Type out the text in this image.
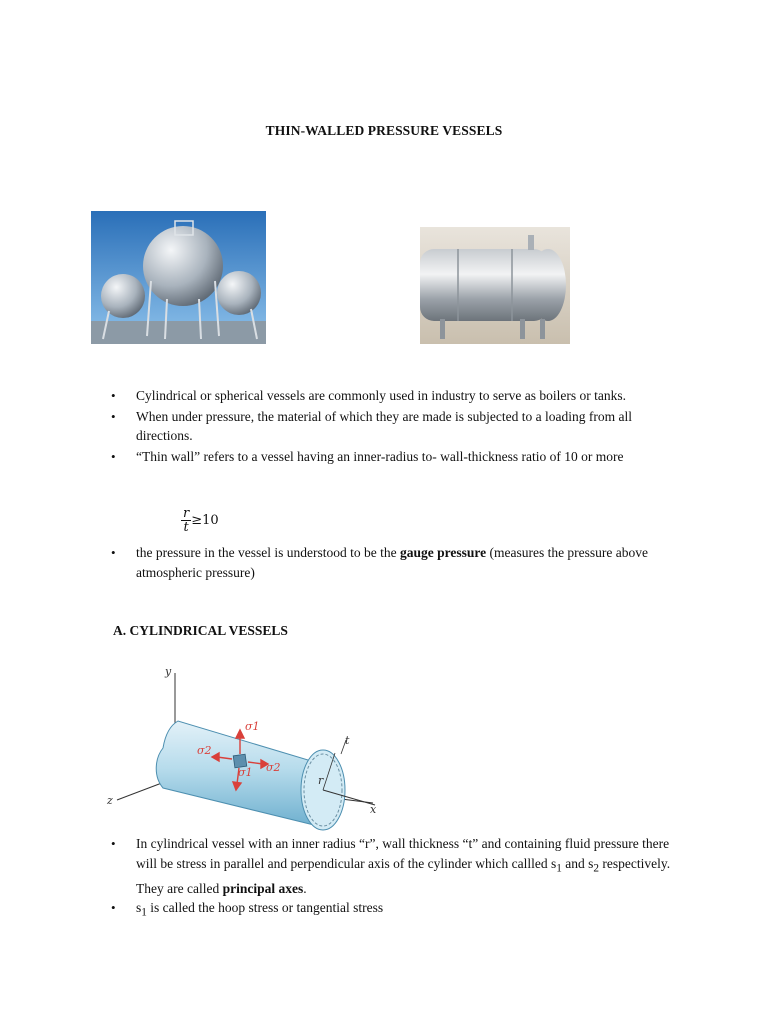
THIN-WALLED PRESSURE VESSELS
• Cylindrical or spherical vessels are commonly used in industry to serve as boilers or tanks.
• When under pressure, the material of which they are made is subjected to a loading from all directions.
• “Thin wall” refers to a vessel having an inner-radius to- wall-thickness ratio of 10 or more
$\frac{r}{t} \ge 10$
• the pressure in the vessel is understood to be the gauge pressure (measures the pressure above atmospheric pressure)
A. CYLINDRICAL VESSELS
y
z
x
t
r
σ1
σ1
σ2
σ2
• In cylindrical vessel with an inner radius “r”, wall thickness “t” and containing fluid pressure there will be stress in parallel and perpendicular axis of the cylinder which callled $s_1$ and $s_2$ respectively. They are called principal axes.
• $s_1$ is called the hoop stress or tangential stress
